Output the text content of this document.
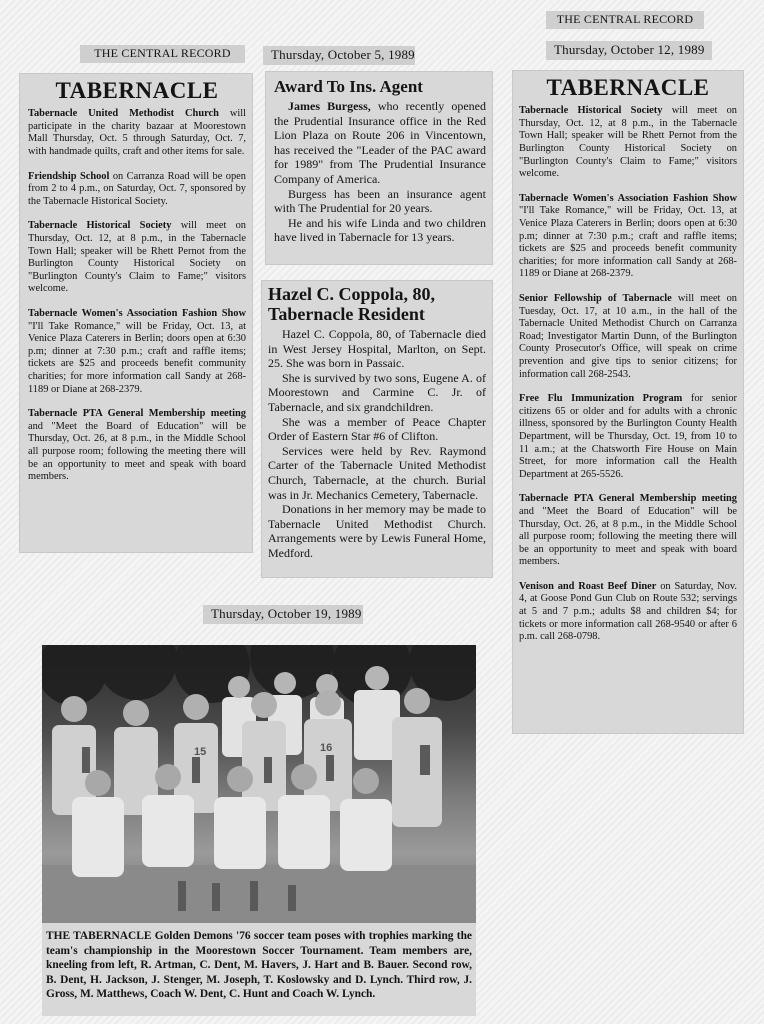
THE CENTRAL RECORD	Thursday, October 5, 1989
THE CENTRAL RECORD
Thursday, October 12, 1989
Thursday, October 19, 1989
TABERNACLE

Tabernacle United Methodist Church will participate in the charity bazaar at Moorestown Mall Thursday, Oct. 5 through Saturday, Oct. 7, with handmade quilts, craft and other items for sale.

Friendship School on Carranza Road will be open from 2 to 4 p.m., on Saturday, Oct. 7, sponsored by the Tabernacle Historical Society.

Tabernacle Historical Society will meet on Thursday, Oct. 12, at 8 p.m., in the Tabernacle Town Hall; speaker will be Rhett Pernot from the Burlington County Historical Society on "Burlington County's Claim to Fame;" visitors welcome.

Tabernacle Women's Association Fashion Show "I'll Take Romance," will be Friday, Oct. 13, at Venice Plaza Caterers in Berlin; doors open at 6:30 p.m; dinner at 7:30 p.m.; craft and raffle items; tickets are $25 and proceeds benefit community charities; for more information call Sandy at 268-1189 or Diane at 268-2379.

Tabernacle PTA General Membership meeting and "Meet the Board of Education" will be Thursday, Oct. 26, at 8 p.m., in the Middle School all purpose room; following the meeting there will be an opportunity to meet and speak with board members.

Award To Ins. Agent

James Burgess, who recently opened the Prudential Insurance office in the Red Lion Plaza on Route 206 in Vincentown, has received the "Leader of the PAC award for 1989" from The Prudential Insurance Company of America.

Burgess has been an insurance agent with The Prudential for 20 years.

He and his wife Linda and two children have lived in Tabernacle for 13 years.

Hazel C. Coppola, 80,
Tabernacle Resident

Hazel C. Coppola, 80, of Tabernacle died in West Jersey Hospital, Marlton, on Sept. 25. She was born in Passaic.

She is survived by two sons, Eugene A. of Moorestown and Carmine C. Jr. of Tabernacle, and six grandchildren.

She was a member of Peace Chapter Order of Eastern Star #6 of Clifton.

Services were held by Rev. Raymond Carter of the Tabernacle United Methodist Church, Tabernacle, at the church. Burial was in Jr. Mechanics Cemetery, Tabernacle.

Donations in her memory may be made to Tabernacle United Methodist Church. Arrangements were by Lewis Funeral Home, Medford.

TABERNACLE

Tabernacle Historical Society will meet on Thursday, Oct. 12, at 8 p.m., in the Tabernacle Town Hall; speaker will be Rhett Pernot from the Burlington County Historical Society on "Burlington County's Claim to Fame;" visitors welcome.

Tabernacle Women's Association Fashion Show "I'll Take Romance," will be Friday, Oct. 13, at Venice Plaza Caterers in Berlin; doors open at 6:30 p.m; dinner at 7:30 p.m.; craft and raffle items; tickets are $25 and proceeds benefit community charities; for more information call Sandy at 268-1189 or Diane at 268-2379.

Senior Fellowship of Tabernacle will meet on Tuesday, Oct. 17, at 10 a.m., in the hall of the Tabernacle United Methodist Church on Carranza Road; Investigator Martin Dunn, of the Burlington County Prosecutor's Office, will speak on crime prevention and give tips to senior citizens; for information call 268-2543.

Free Flu Immunization Program for senior citizens 65 or older and for adults with a chronic illness, sponsored by the Burlington County Health Department, will be Thursday, Oct. 19, from 10 to 11 a.m.; at the Chatsworth Fire House on Main Street, for more information call the Health Department at 265-5526.

Tabernacle PTA General Membership meeting and "Meet the Board of Education" will be Thursday, Oct. 26, at 8 p.m., in the Middle School all purpose room; following the meeting there will be an opportunity to meet and speak with board members.

Venison and Roast Beef Diner on Saturday, Nov. 4, at Goose Pond Gun Club on Route 532; servings at 5 and 7 p.m.; adults $8 and children $4; for tickets or more information call 268-9540 or after 6 p.m. call 268-0798.

15	16
THE TABERNACLE Golden Demons '76 soccer team poses with trophies marking the team's championship in the Moorestown Soccer Tournament. Team members are, kneeling from left, R. Artman, C. Dent, M. Havers, J. Hart and B. Bauer. Second row, B. Dent, H. Jackson, J. Stenger, M. Joseph, T. Koslowsky and D. Lynch. Third row, J. Gross, M. Matthews, Coach W. Dent, C. Hunt and Coach W. Lynch.
